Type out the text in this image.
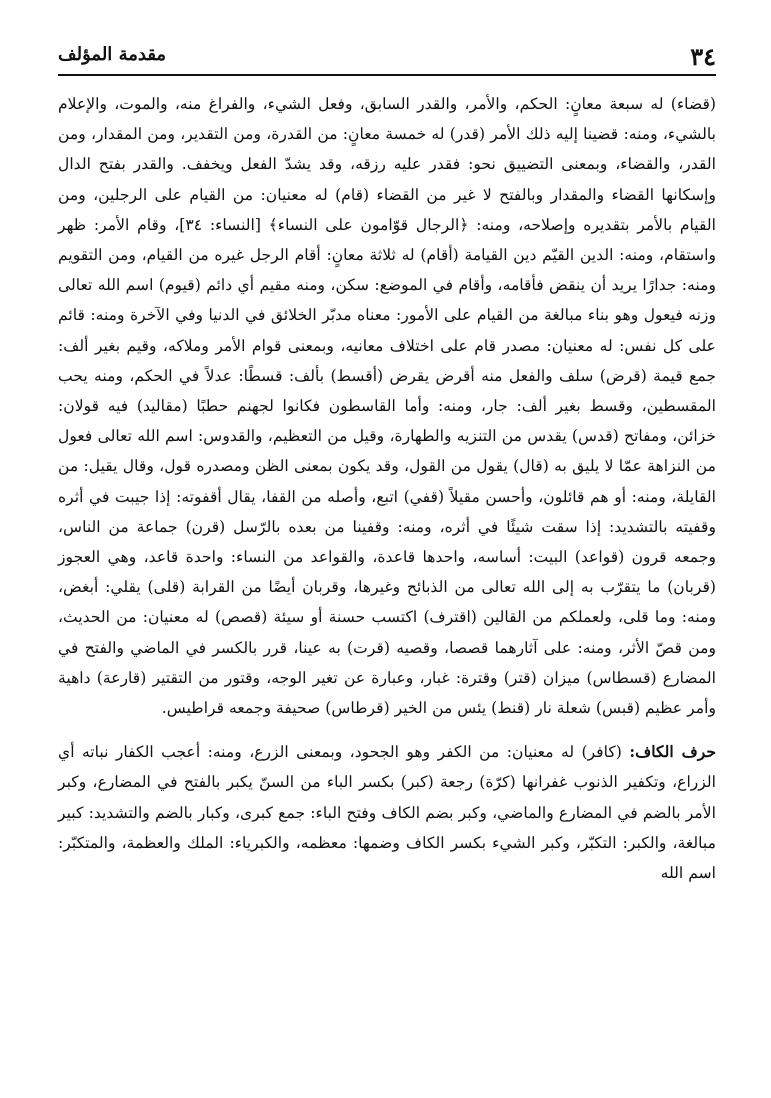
٣٤
مقدمة المؤلف

(قضاء) له سبعة معانٍ: الحكم، والأمر، والقدر السابق، وفعل الشيء، والفراغ منه، والموت، والإعلام بالشيء، ومنه: قضينا إليه ذلك الأمر (قدر) له خمسة معانٍ: من القدرة، ومن التقدير، ومن المقدار، ومن القدر، والقضاء، وبمعنى التضييق نحو: فقدر عليه رزقه، وقد يشدّ الفعل ويخفف. والقدر بفتح الدال وإسكانها القضاء والمقدار وبالفتح لا غير من القضاء (قام) له معنيان: من القيام على الرجلين، ومن القيام بالأمر بتقديره وإصلاحه، ومنه: ﴿الرجال قوّامون على النساء﴾ [النساء: ٣٤]، وقام الأمر: ظهر واستقام، ومنه: الدين القيّم دين القيامة (أقام) له ثلاثة معانٍ: أقام الرجل غيره من القيام، ومن التقويم ومنه: جدارًا يريد أن ينقض فأقامه، وأقام في الموضع: سكن، ومنه مقيم أي دائم (قيوم) اسم الله تعالى وزنه فيعول وهو بناء مبالغة من القيام على الأمور: معناه مدبّر الخلائق في الدنيا وفي الآخرة ومنه: قائم على كل نفس: له معنيان: مصدر قام على اختلاف معانيه، وبمعنى قوام الأمر وملاكه، وقيم بغير ألف: جمع قيمة (قرض) سلف والفعل منه أقرض يقرض (أقسط) بألف: قسطًا: عدلاً في الحكم، ومنه يحب المقسطين، وقسط بغير ألف: جار، ومنه: وأما القاسطون فكانوا لجهنم حطبًا (مقاليد) فيه قولان: خزائن، ومفاتح (قدس) يقدس من التنزيه والطهارة، وقيل من التعظيم، والقدوس: اسم الله تعالى فعول من النزاهة عمّا لا يليق به (قال) يقول من القول، وقد يكون بمعنى الظن ومصدره قول، وقال يقيل: من القايلة، ومنه: أو هم قائلون، وأحسن مقيلاً (قفي) اتبع، وأصله من القفا، يقال أقفوته: إذا جيبت في أثره وقفيته بالتشديد: إذا سقت شيئًا في أثره، ومنه: وقفينا من بعده بالرّسل (قرن) جماعة من الناس، وجمعه قرون (قواعد) البيت: أساسه، واحدها قاعدة، والقواعد من النساء: واحدة قاعد، وهي العجوز (قربان) ما يتقرّب به إلى الله تعالى من الذبائح وغيرها، وقربان أيضًا من القرابة (قلى) يقلي: أبغض، ومنه: وما قلى، ولعملكم من القالين (اقترف) اكتسب حسنة أو سيئة (قصص) له معنيان: من الحديث، ومن قصّ الأثر، ومنه: على آثارهما قصصا، وقصيه (قرت) به عينا، قرر بالكسر في الماضي والفتح في المضارع (قسطاس) ميزان (قتر) وقترة: غبار، وعبارة عن تغير الوجه، وقتور من التقتير (قارعة) داهية وأمر عظيم (قبس) شعلة نار (قنط) يئس من الخير (قرطاس) صحيفة وجمعه قراطيس.

حرف الكاف: (كافر) له معنيان: من الكفر وهو الجحود، وبمعنى الزرع، ومنه: أعجب الكفار نباته أي الزراع، وتكفير الذنوب غفرانها (كرّة) رجعة (كبر) بكسر الباء من السنّ يكبر بالفتح في المضارع، وكبر الأمر بالضم في المضارع والماضي، وكبر بضم الكاف وفتح الباء: جمع كبرى، وكبار بالضم والتشديد: كبير مبالغة، والكبر: التكبّر، وكبر الشيء بكسر الكاف وضمها: معظمه، والكبرياء: الملك والعظمة، والمتكبّر: اسم الله
